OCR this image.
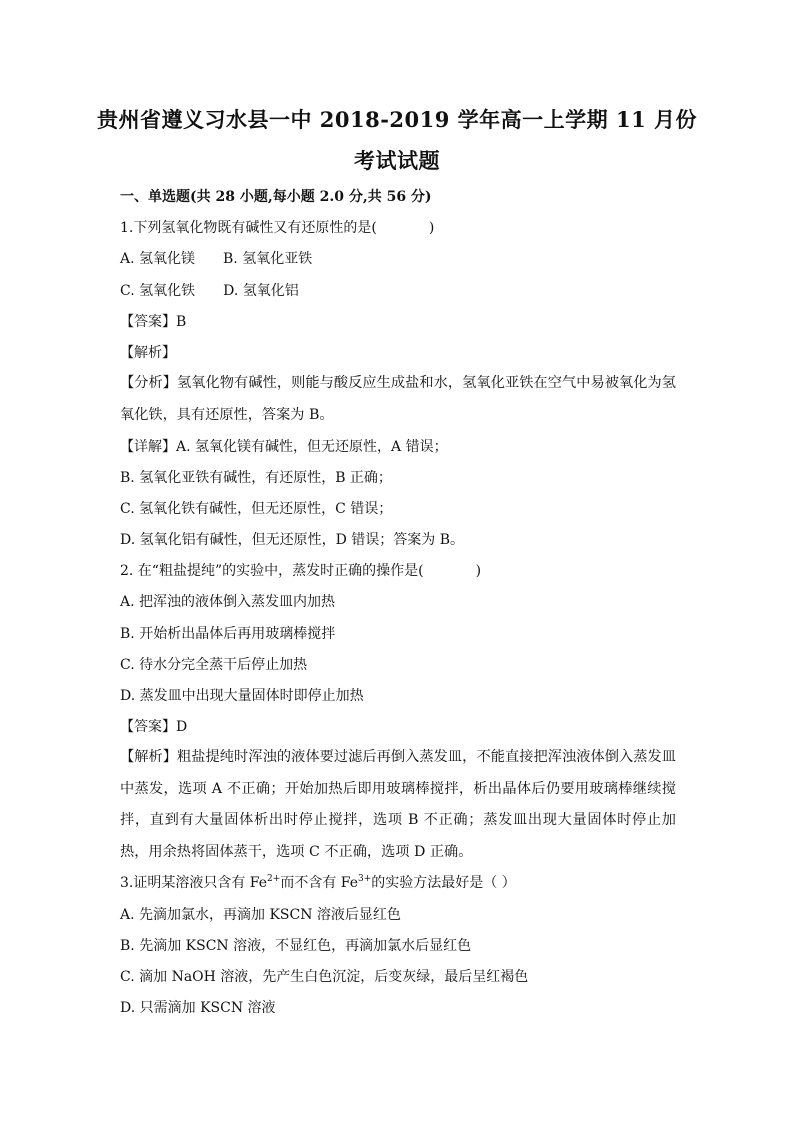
贵州省遵义习水县一中 2018-2019 学年高一上学期 11 月份
考试试题
一、单选题(共 28 小题,每小题 2.0 分,共 56 分)
1.下列氢氧化物既有碱性又有还原性的是(	)
A. 氢氧化镁 B. 氢氧化亚铁
C. 氢氧化铁 D. 氢氧化铝
【答案】B
【解析】
【分析】氢氧化物有碱性，则能与酸反应生成盐和水，氢氧化亚铁在空气中易被氧化为氢氧化铁，具有还原性，答案为 B。
【详解】A. 氢氧化镁有碱性，但无还原性，A 错误；
B. 氢氧化亚铁有碱性，有还原性，B 正确；
C. 氢氧化铁有碱性，但无还原性，C 错误；
D. 氢氧化铝有碱性，但无还原性，D 错误；答案为 B。
2. 在“粗盐提纯”的实验中，蒸发时正确的操作是(	)
A. 把浑浊的液体倒入蒸发皿内加热
B. 开始析出晶体后再用玻璃棒搅拌
C. 待水分完全蒸干后停止加热
D. 蒸发皿中出现大量固体时即停止加热
【答案】D
【解析】粗盐提纯时浑浊的液体要过滤后再倒入蒸发皿，不能直接把浑浊液体倒入蒸发皿中蒸发，选项 A 不正确；开始加热后即用玻璃棒搅拌，析出晶体后仍要用玻璃棒继续搅拌，直到有大量固体析出时停止搅拌，选项 B 不正确；蒸发皿出现大量固体时停止加热，用余热将固体蒸干，选项 C 不正确，选项 D 正确。
3.证明某溶液只含有 $Fe^{2+}$而不含有 $Fe^{3+}$的实验方法最好是（ ）
A. 先滴加氯水，再滴加 KSCN 溶液后显红色
B. 先滴加 KSCN 溶液，不显红色，再滴加氯水后显红色
C. 滴加 NaOH 溶液，先产生白色沉淀，后变灰绿，最后呈红褐色
D. 只需滴加 KSCN 溶液
